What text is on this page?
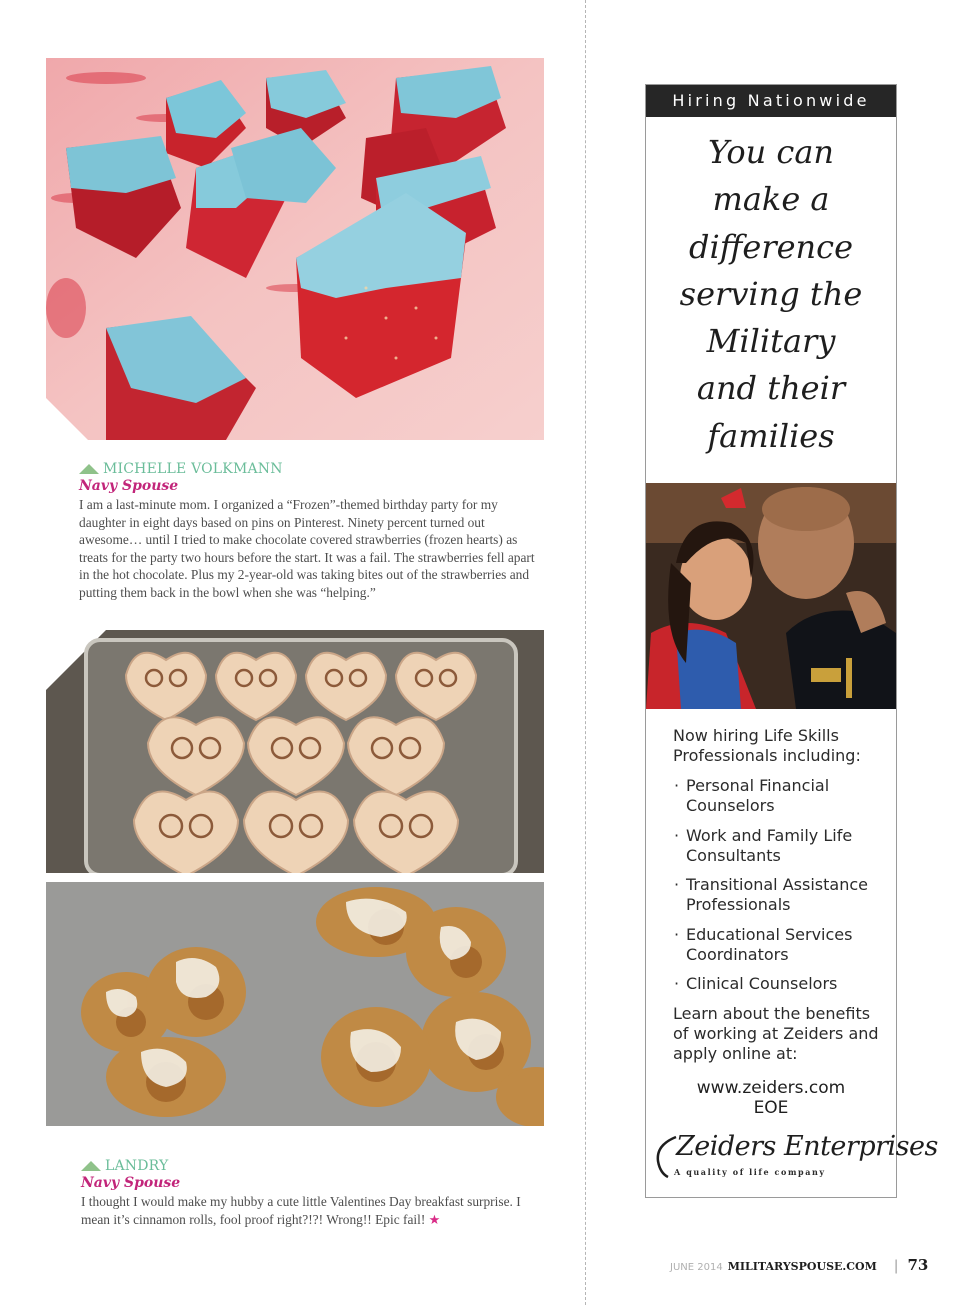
MICHELLE VOLKMANN
Navy Spouse
I am a last-minute mom. I organized a “Frozen”-themed birthday party for my daughter in eight days based on pins on Pinterest. Ninety percent turned out awesome… until I tried to make chocolate covered strawberries (frozen hearts) as treats for the party two hours before the start. It was a fail. The strawberries fell apart in the hot chocolate. Plus my 2-year-old was taking bites out of the strawberries and putting them back in the bowl when she was “helping.”
LANDRY
Navy Spouse
I thought I would make my hubby a cute little Valentines Day breakfast surprise. I mean it’s cinnamon rolls, fool proof right?!?! Wrong!! Epic fail! ★
Hiring Nationwide
You can
make a
difference
serving the
Military
and their
families
Now hiring Life Skills
Professionals including:
· Personal Financial
Counselors
· Work and Family Life
Consultants
· Transitional Assistance
Professionals
· Educational Services
Coordinators
· Clinical Counselors
Learn about the benefits
of working at Zeiders and
apply online at:
www.zeiders.com
EOE
Zeiders Enterprises
A quality of life company
JUNE 2014 MILITARYSPOUSE.COM | 73
